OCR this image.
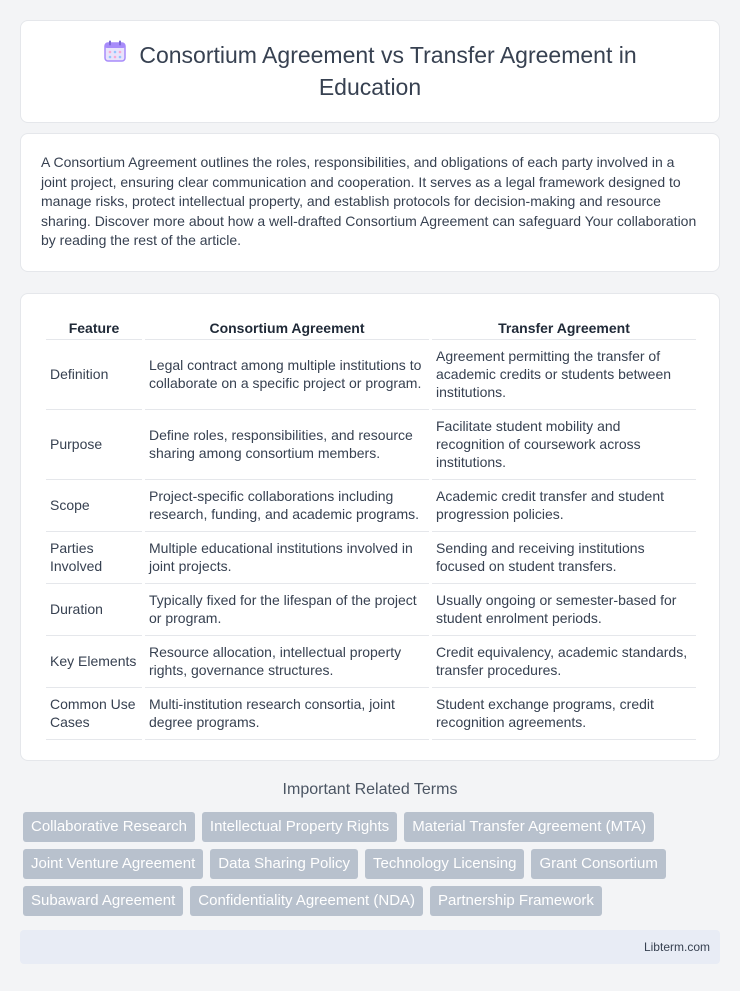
Consortium Agreement vs Transfer Agreement in Education

A Consortium Agreement outlines the roles, responsibilities, and obligations of each party involved in a joint project, ensuring clear communication and cooperation. It serves as a legal framework designed to manage risks, protect intellectual property, and establish protocols for decision-making and resource sharing. Discover more about how a well-drafted Consortium Agreement can safeguard Your collaboration by reading the rest of the article.

Feature	Consortium Agreement	Transfer Agreement
Definition	Legal contract among multiple institutions to collaborate on a specific project or program.	Agreement permitting the transfer of academic credits or students between institutions.
Purpose	Define roles, responsibilities, and resource sharing among consortium members.	Facilitate student mobility and recognition of coursework across institutions.
Scope	Project-specific collaborations including research, funding, and academic programs.	Academic credit transfer and student progression policies.
Parties Involved	Multiple educational institutions involved in joint projects.	Sending and receiving institutions focused on student transfers.
Duration	Typically fixed for the lifespan of the project or program.	Usually ongoing or semester-based for student enrolment periods.
Key Elements	Resource allocation, intellectual property rights, governance structures.	Credit equivalency, academic standards, transfer procedures.
Common Use Cases	Multi-institution research consortia, joint degree programs.	Student exchange programs, credit recognition agreements.
Important Related Terms
Collaborative Research	Intellectual Property Rights	Material Transfer Agreement (MTA)
Joint Venture Agreement	Data Sharing Policy	Technology Licensing	Grant Consortium
Subaward Agreement	Confidentiality Agreement (NDA)	Partnership Framework
Libterm.com
